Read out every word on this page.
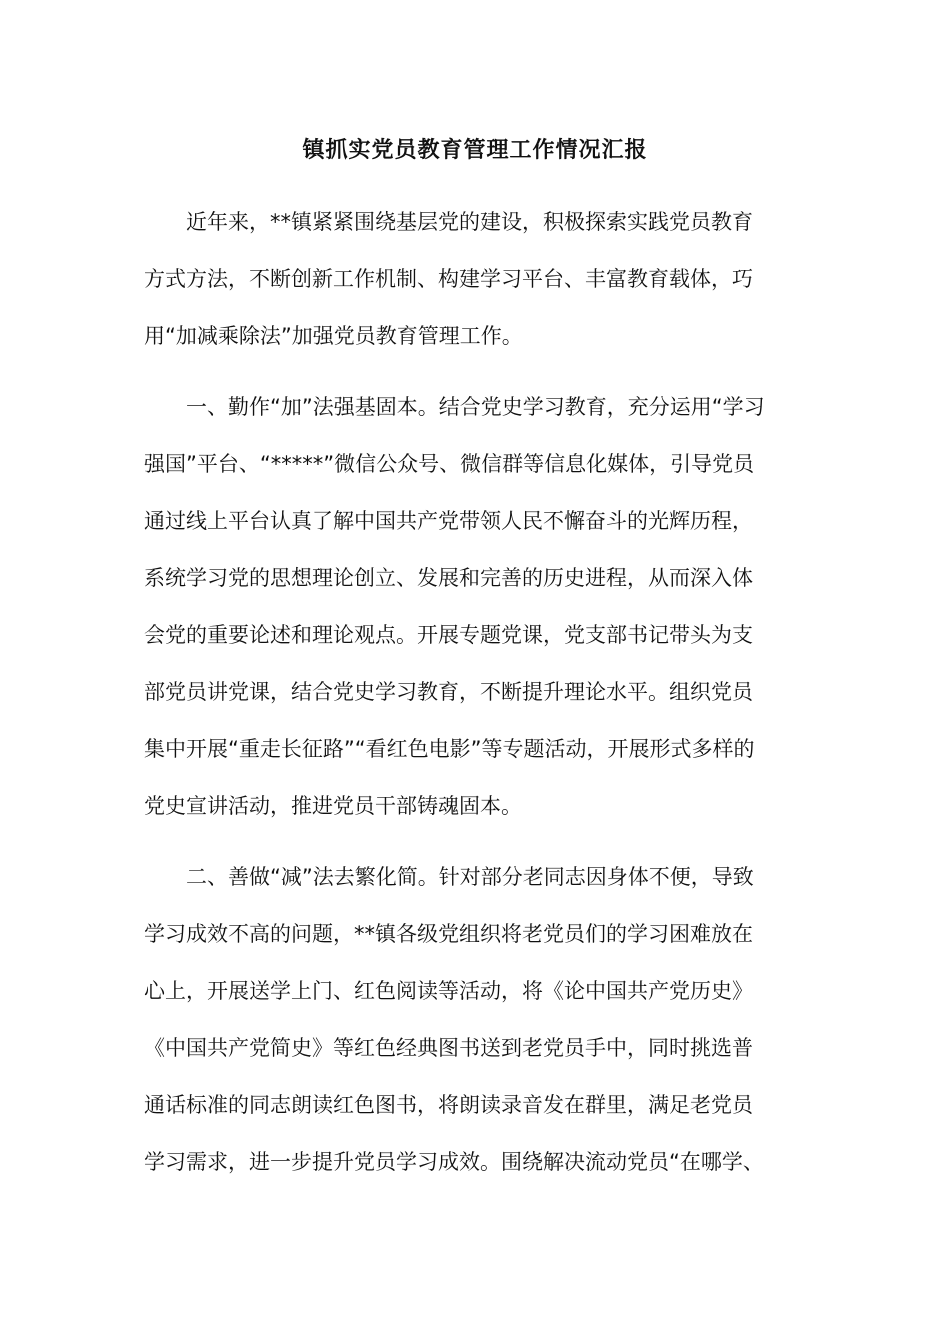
镇抓实党员教育管理工作情况汇报
　　近年来，**镇紧紧围绕基层党的建设，积极探索实践党员教育
方式方法，不断创新工作机制、构建学习平台、丰富教育载体，巧
用“加减乘除法”加强党员教育管理工作。
　　一、勤作“加”法强基固本。结合党史学习教育，充分运用“学习
强国”平台、“*****”微信公众号、微信群等信息化媒体，引导党员
通过线上平台认真了解中国共产党带领人民不懈奋斗的光辉历程，
系统学习党的思想理论创立、发展和完善的历史进程，从而深入体
会党的重要论述和理论观点。开展专题党课，党支部书记带头为支
部党员讲党课，结合党史学习教育，不断提升理论水平。组织党员
集中开展“重走长征路”“看红色电影”等专题活动，开展形式多样的
党史宣讲活动，推进党员干部铸魂固本。
　　二、善做“减”法去繁化简。针对部分老同志因身体不便，导致
学习成效不高的问题，**镇各级党组织将老党员们的学习困难放在
心上，开展送学上门、红色阅读等活动，将《论中国共产党历史》
《中国共产党简史》等红色经典图书送到老党员手中，同时挑选普
通话标准的同志朗读红色图书，将朗读录音发在群里，满足老党员
学习需求，进一步提升党员学习成效。围绕解决流动党员“在哪学、
